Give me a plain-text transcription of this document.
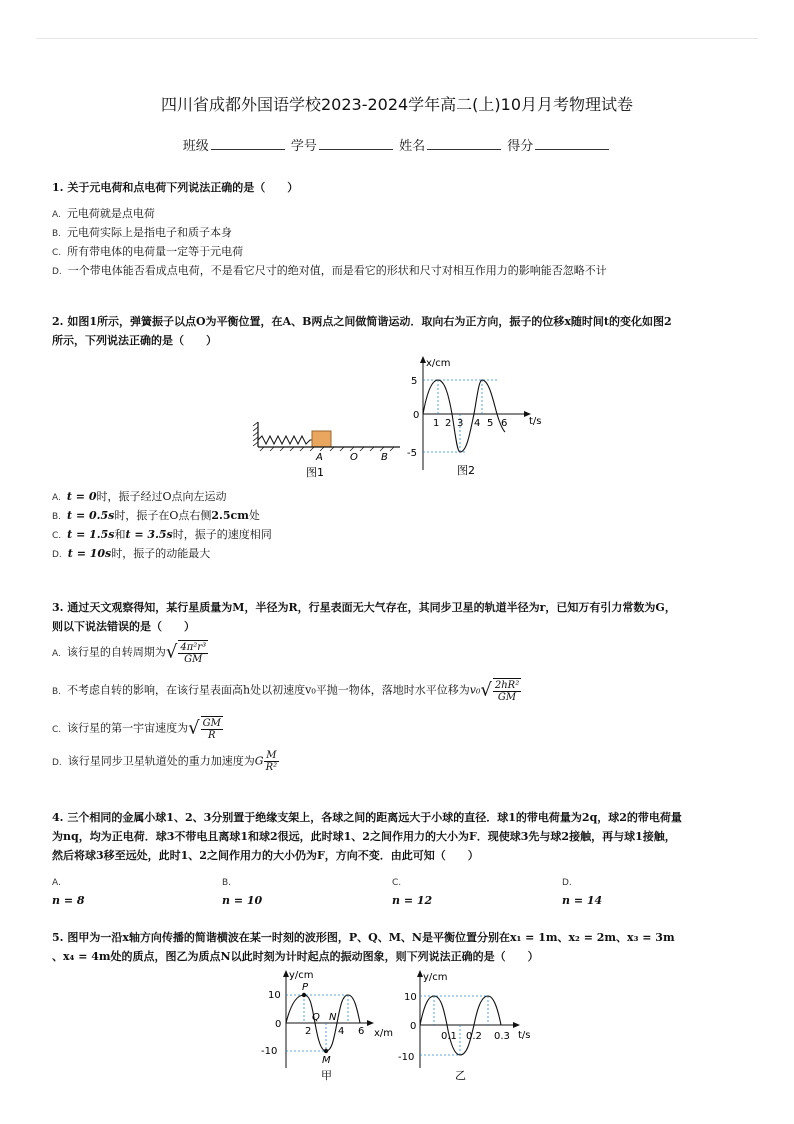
四川省成都外国语学校2023-2024学年高二(上)10月月考物理试卷
班级	学号	姓名	得分
1. 关于元电荷和点电荷下列说法正确的是（　　）
A. 元电荷就是点电荷
B. 元电荷实际上是指电子和质子本身
C. 所有带电体的电荷量一定等于元电荷
D. 一个带电体能否看成点电荷，不是看它尺寸的绝对值，而是看它的形状和尺寸对相互作用力的影响能否忽略不计
2. 如图1所示，弹簧振子以点O为平衡位置，在A、B两点之间做简谐运动．取向右为正方向，振子的位移x随时间t的变化如图2
所示，下列说法正确的是（　　）
A	O B
图1
x/cm
t/s
5
0
-5
1 2 3 4 5 6
图2
A. t = 0时，振子经过O点向左运动
B. t = 0.5s时，振子在O点右侧2.5cm处
C. t = 1.5s和t = 3.5s时，振子的速度相同
D. t = 10s时，振子的动能最大
3. 通过天文观察得知，某行星质量为M，半径为R，行星表面无大气存在，其同步卫星的轨道半径为r，已知万有引力常数为G，
则以下说法错误的是（　　）
A. 该行星的自转周期为√ $\frac{\text{4π²r³}}{GM}$
B. 不考虑自转的影响，在该行星表面高h处以初速度v₀平抛一物体，落地时水平位移为$v_0√ \frac{\text{2hR²}}{GM}$
C. 该行星的第一宇宙速度为√ $\frac{GM}{R}$
D. 该行星同步卫星轨道处的重力加速度为G $\frac{M}{\text{R²}}$
4. 三个相同的金属小球1、2、3分别置于绝缘支架上，各球之间的距离远大于小球的直径．球1的带电荷量为2q，球2的带电荷量
为nq，均为正电荷．球3不带电且离球1和球2很远，此时球1、2之间作用力的大小为F．现使球3先与球2接触，再与球1接触，
然后将球3移至远处，此时1、2之间作用力的大小仍为F，方向不变．由此可知（　　）
A.n = 8B.n = 10C.n = 12D.n = 14
5. 图甲为一沿x轴方向传播的简谐横波在某一时刻的波形图，P、Q、M、N是平衡位置分别在x₁ = 1m、x₂ = 2m、x₃ = 3m
、x₄ = 4m处的质点，图乙为质点N以此时刻为计时起点的振动图象，则下列说法正确的是（　　）
y/cm
x/m
10
0
-10
P
Q N
M
2	4 6
甲
y/cm
t/s
10
0
-10
0.1 0.2 0.3
乙
